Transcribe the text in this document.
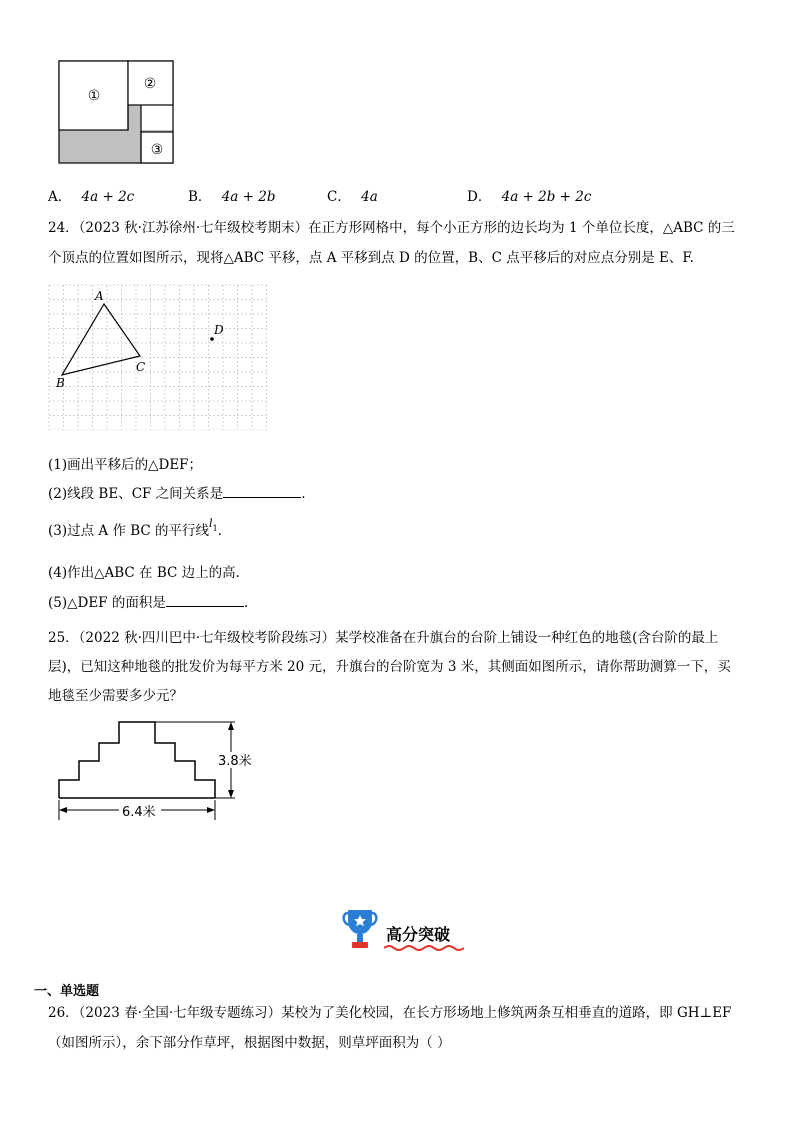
①
②
③
A． 4a + 2c	B． 4a + 2b	C． 4a	D． 4a + 2b + 2c
24．（2023 秋·江苏徐州·七年级校考期末）在正方形网格中，每个小正方形的边长均为 1 个单位长度，△ABC 的三
个顶点的位置如图所示，现将△ABC 平移，点 A 平移到点 D 的位置，B、C 点平移后的对应点分别是 E、F.
A
B
C
D
(1)画出平移后的△DEF；
(2)线段 BE、CF 之间关系是	.
(3)过点 A 作 BC 的平行线$^{l1}$.
(4)作出△ABC 在 BC 边上的高.
(5)△DEF 的面积是	.
25．（2022 秋·四川巴中·七年级校考阶段练习）某学校准备在升旗台的台阶上铺设一种红色的地毯(含台阶的最上
层)，已知这种地毯的批发价为每平方米 20 元，升旗台的台阶宽为 3 米，其侧面如图所示，请你帮助测算一下，买
地毯至少需要多少元？
3.8米
6.4米
高分突破
一、单选题
26．（2023 春·全国·七年级专题练习）某校为了美化校园，在长方形场地上修筑两条互相垂直的道路，即 GH⊥EF
（如图所示），余下部分作草坪，根据图中数据，则草坪面积为（ ）
